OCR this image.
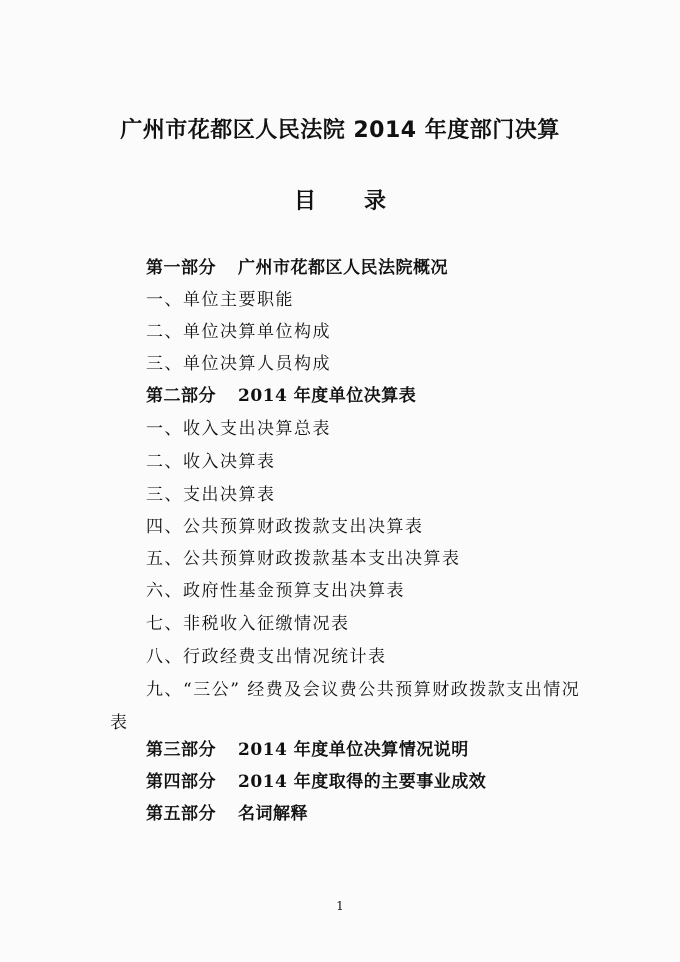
广州市花都区人民法院 2014 年度部门决算
目录
第一部分 广州市花都区人民法院概况
一、单位主要职能
二、单位决算单位构成
三、单位决算人员构成
第二部分 2014 年度单位决算表
一、收入支出决算总表
二、收入决算表
三、支出决算表
四、公共预算财政拨款支出决算表
五、公共预算财政拨款基本支出决算表
六、政府性基金预算支出决算表
七、非税收入征缴情况表
八、行政经费支出情况统计表
九、“三公” 经费及会议费公共预算财政拨款支出情况
表
第三部分 2014 年度单位决算情况说明
第四部分 2014 年度取得的主要事业成效
第五部分 名词解释
1
